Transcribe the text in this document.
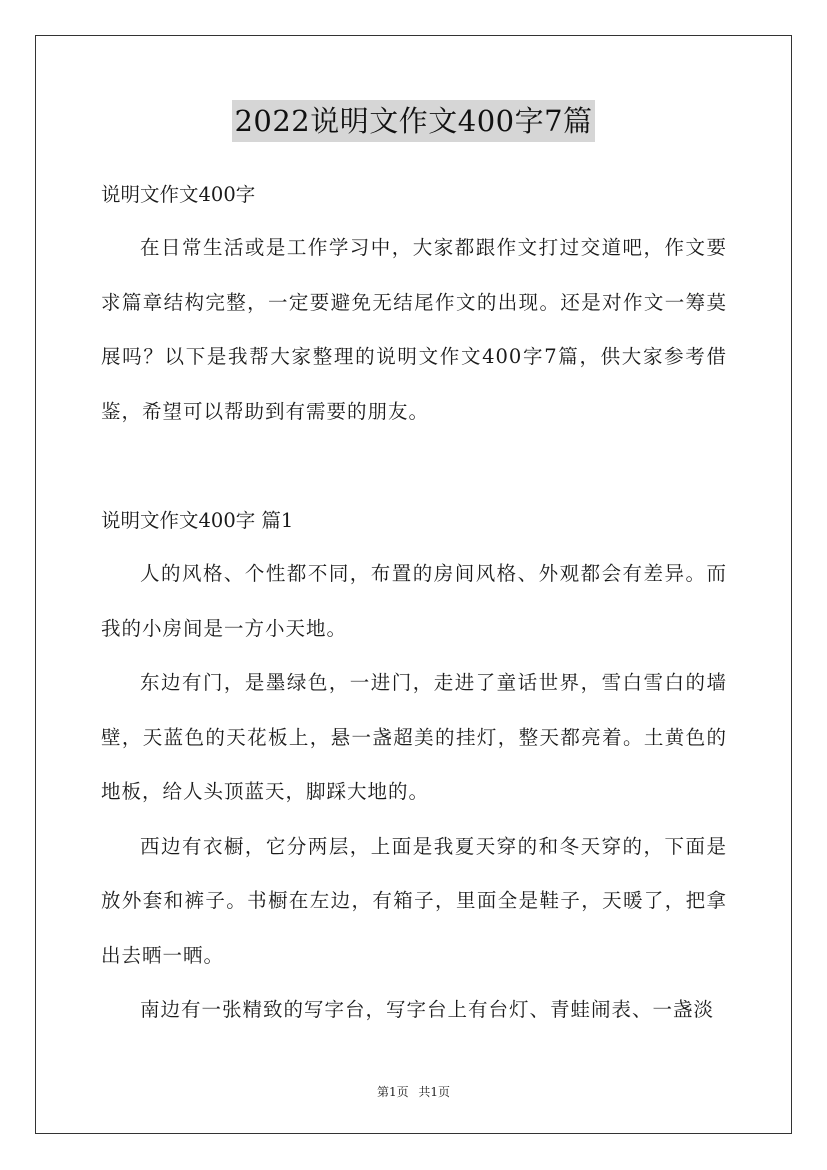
2022说明文作文400字7篇
说明文作文400字

在日常生活或是工作学习中，大家都跟作文打过交道吧，作文要求篇章结构完整，一定要避免无结尾作文的出现。还是对作文一筹莫展吗？以下是我帮大家整理的说明文作文400字7篇，供大家参考借鉴，希望可以帮助到有需要的朋友。

说明文作文400字 篇1

人的风格、个性都不同，布置的房间风格、外观都会有差异。而我的小房间是一方小天地。

东边有门，是墨绿色，一进门，走进了童话世界，雪白雪白的墙壁，天蓝色的天花板上，悬一盏超美的挂灯，整天都亮着。土黄色的地板，给人头顶蓝天，脚踩大地的。

西边有衣橱，它分两层，上面是我夏天穿的和冬天穿的，下面是放外套和裤子。书橱在左边，有箱子，里面全是鞋子，天暖了，把拿出去晒一晒。

南边有一张精致的写字台，写字台上有台灯、青蛙闹表、一盏淡

第1页 共1页
